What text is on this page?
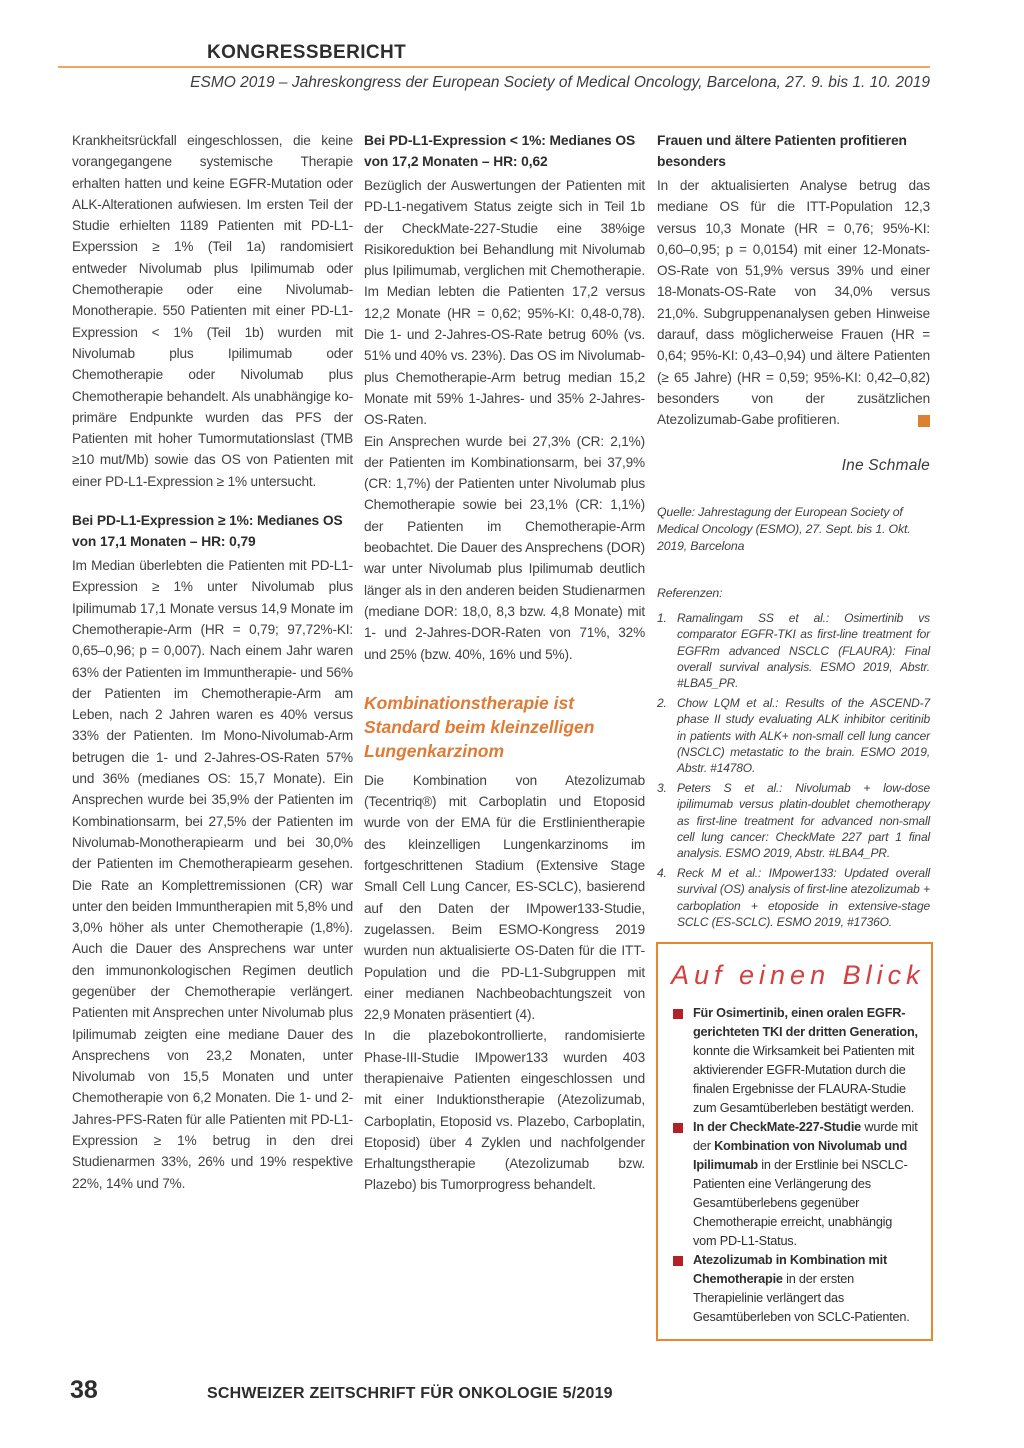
KONGRESSBERICHT
ESMO 2019 – Jahreskongress der European Society of Medical Oncology, Barcelona, 27. 9. bis 1. 10. 2019

Krankheitsrückfall eingeschlossen, die keine vorangegangene systemische Therapie erhalten hatten und keine EGFR-Mutation oder ALK-Alterationen aufwiesen. Im ersten Teil der Studie erhielten 1189 Patienten mit PD-L1-Experssion ≥ 1% (Teil 1a) randomisiert entweder Nivolumab plus Ipilimumab oder Chemotherapie oder eine Nivolumab-Monotherapie. 550 Patienten mit einer PD-L1-Expression < 1% (Teil 1b) wurden mit Nivolumab plus Ipilimumab oder Chemotherapie oder Nivolumab plus Chemotherapie behandelt. Als unabhängige ko-primäre Endpunkte wurden das PFS der Patienten mit hoher Tumormutationslast (TMB ≥10 mut/Mb) sowie das OS von Patienten mit einer PD-L1-Expression ≥ 1% untersucht.

Bei PD-L1-Expression ≥ 1%: Medianes OS von 17,1 Monaten – HR: 0,79

Im Median überlebten die Patienten mit PD-L1-Expression ≥ 1% unter Nivolumab plus Ipilimumab 17,1 Monate versus 14,9 Monate im Chemotherapie-Arm (HR = 0,79; 97,72%-KI: 0,65–0,96; p = 0,007). Nach einem Jahr waren 63% der Patienten im Immuntherapie- und 56% der Patienten im Chemotherapie-Arm am Leben, nach 2 Jahren waren es 40% versus 33% der Patienten. Im Mono-Nivolumab-Arm betrugen die 1- und 2-Jahres-OS-Raten 57% und 36% (medianes OS: 15,7 Monate). Ein Ansprechen wurde bei 35,9% der Patienten im Kombinationsarm, bei 27,5% der Patienten im Nivolumab-Monotherapiearm und bei 30,0% der Patienten im Chemotherapiearm gesehen. Die Rate an Komplettremissionen (CR) war unter den beiden Immuntherapien mit 5,8% und 3,0% höher als unter Chemotherapie (1,8%). Auch die Dauer des Ansprechens war unter den immunonkologischen Regimen deutlich gegenüber der Chemotherapie verlängert. Patienten mit Ansprechen unter Nivolumab plus Ipilimumab zeigten eine mediane Dauer des Ansprechens von 23,2 Monaten, unter Nivolumab von 15,5 Monaten und unter Chemotherapie von 6,2 Monaten. Die 1- und 2-Jahres-PFS-Raten für alle Patienten mit PD-L1-Expression ≥ 1% betrug in den drei Studienarmen 33%, 26% und 19% respektive 22%, 14% und 7%.

Bei PD-L1-Expression < 1%: Medianes OS von 17,2 Monaten – HR: 0,62

Bezüglich der Auswertungen der Patienten mit PD-L1-negativem Status zeigte sich in Teil 1b der CheckMate-227-Studie eine 38%ige Risikoreduktion bei Behandlung mit Nivolumab plus Ipilimumab, verglichen mit Chemotherapie. Im Median lebten die Patienten 17,2 versus 12,2 Monate (HR = 0,62; 95%-KI: 0,48-0,78). Die 1- und 2-Jahres-OS-Rate betrug 60% (vs. 51% und 40% vs. 23%). Das OS im Nivolumab- plus Chemotherapie-Arm betrug median 15,2 Monate mit 59% 1-Jahres- und 35% 2-Jahres-OS-Raten.

Ein Ansprechen wurde bei 27,3% (CR: 2,1%) der Patienten im Kombinationsarm, bei 37,9% (CR: 1,7%) der Patienten unter Nivolumab plus Chemotherapie sowie bei 23,1% (CR: 1,1%) der Patienten im Chemotherapie-Arm beobachtet. Die Dauer des Ansprechens (DOR) war unter Nivolumab plus Ipilimumab deutlich länger als in den anderen beiden Studienarmen (mediane DOR: 18,0, 8,3 bzw. 4,8 Monate) mit 1- und 2-Jahres-DOR-Raten von 71%, 32% und 25% (bzw. 40%, 16% und 5%).

Kombinationstherapie ist Standard beim kleinzelligen Lungenkarzinom

Die Kombination von Atezolizumab (Tecentriq®) mit Carboplatin und Etoposid wurde von der EMA für die Erstlinientherapie des kleinzelligen Lungenkarzinoms im fortgeschrittenen Stadium (Extensive Stage Small Cell Lung Cancer, ES-SCLC), basierend auf den Daten der IMpower133-Studie, zugelassen. Beim ESMO-Kongress 2019 wurden nun aktualisierte OS-Daten für die ITT-Population und die PD-L1-Subgruppen mit einer medianen Nachbeobachtungszeit von 22,9 Monaten präsentiert (4).

In die plazebokontrollierte, randomisierte Phase-III-Studie IMpower133 wurden 403 therapienaive Patienten eingeschlossen und mit einer Induktionstherapie (Atezolizumab, Carboplatin, Etoposid vs. Plazebo, Carboplatin, Etoposid) über 4 Zyklen und nachfolgender Erhaltungstherapie (Atezolizumab bzw. Plazebo) bis Tumorprogress behandelt.

Frauen und ältere Patienten profitieren besonders

In der aktualisierten Analyse betrug das mediane OS für die ITT-Population 12,3 versus 10,3 Monate (HR = 0,76; 95%-KI: 0,60–0,95; p = 0,0154) mit einer 12-Monats-OS-Rate von 51,9% versus 39% und einer 18-Monats-OS-Rate von 34,0% versus 21,0%. Subgruppenanalysen geben Hinweise darauf, dass möglicherweise Frauen (HR = 0,64; 95%-KI: 0,43–0,94) und ältere Patienten (≥ 65 Jahre) (HR = 0,59; 95%-KI: 0,42–0,82) besonders von der zusätzlichen Atezolizumab-Gabe profitieren.

Ine Schmale
Quelle: Jahrestagung der European Society of Medical Oncology (ESMO), 27. Sept. bis 1. Okt. 2019, Barcelona
Referenzen:
1. Ramalingam SS et al.: Osimertinib vs comparator EGFR-TKI as first-line treatment for EGFRm advanced NSCLC (FLAURA): Final overall survival analysis. ESMO 2019, Abstr. #LBA5_PR.
2. Chow LQM et al.: Results of the ASCEND-7 phase II study evaluating ALK inhibitor ceritinib in patients with ALK+ non-small cell lung cancer (NSCLC) metastatic to the brain. ESMO 2019, Abstr. #1478O.
3. Peters S et al.: Nivolumab + low-dose ipilimumab versus platin-doublet chemotherapy as first-line treatment for advanced non-small cell lung cancer: CheckMate 227 part 1 final analysis. ESMO 2019, Abstr. #LBA4_PR.
4. Reck M et al.: IMpower133: Updated overall survival (OS) analysis of first-line atezolizumab + carboplation + etoposide in extensive-stage SCLC (ES-SCLC). ESMO 2019, #1736O.
Auf einen Blick

Für Osimertinib, einen oralen EGFR-gerichteten TKI der dritten Generation, konnte die Wirksamkeit bei Patienten mit aktivierender EGFR-Mutation durch die finalen Ergebnisse der FLAURA-Studie zum Gesamtüberleben bestätigt werden.

In der CheckMate-227-Studie wurde mit der Kombination von Nivolumab und Ipilimumab in der Erstlinie bei NSCLC-Patienten eine Verlängerung des Gesamtüberlebens gegenüber Chemotherapie erreicht, unabhängig vom PD-L1-Status.

Atezolizumab in Kombination mit Chemotherapie in der ersten Therapielinie verlängert das Gesamtüberleben von SCLC-Patienten.

38	SCHWEIZER ZEITSCHRIFT FÜR ONKOLOGIE 5/2019
